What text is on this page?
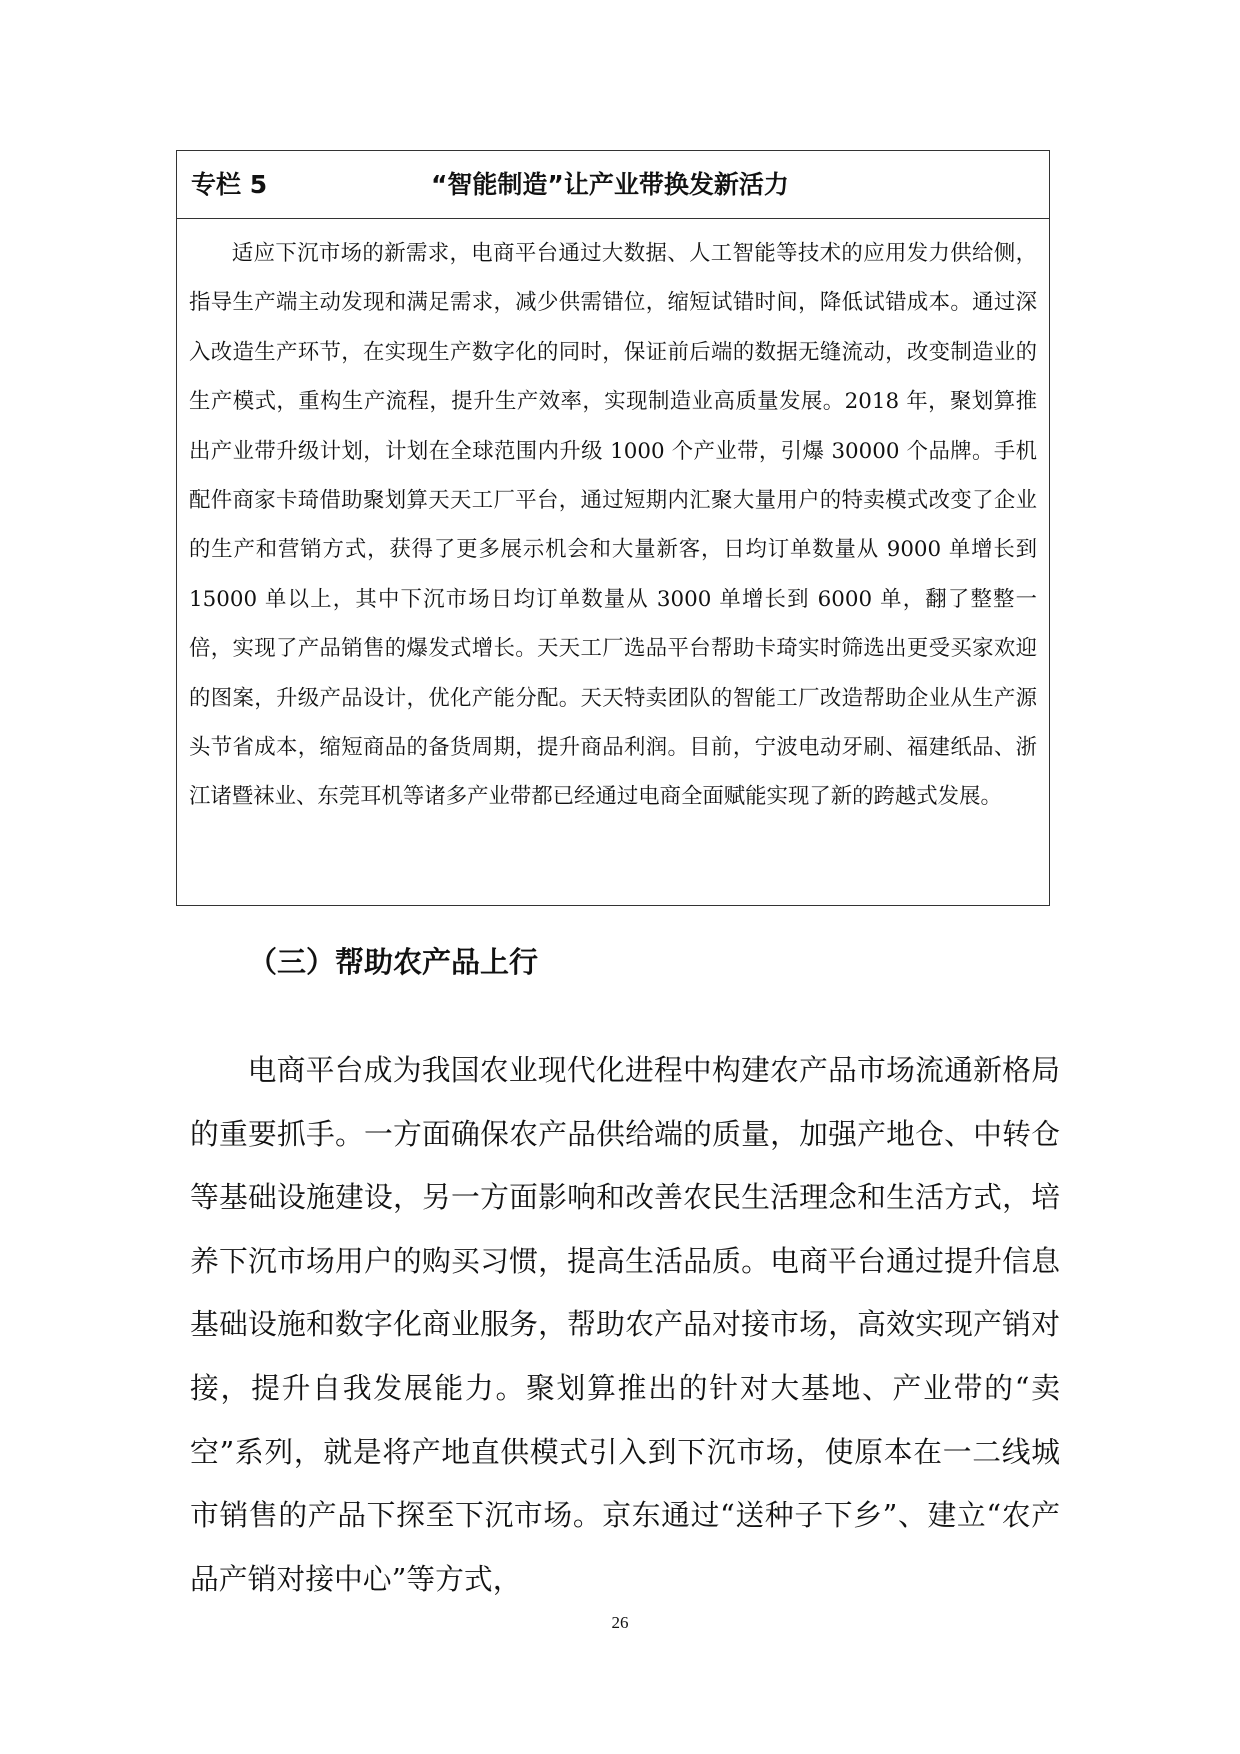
专栏 5	“智能制造”让产业带换发新活力

适应下沉市场的新需求，电商平台通过大数据、人工智能等技术的应用发力供给侧，指导生产端主动发现和满足需求，减少供需错位，缩短试错时间，降低试错成本。通过深入改造生产环节，在实现生产数字化的同时，保证前后端的数据无缝流动，改变制造业的生产模式，重构生产流程，提升生产效率，实现制造业高质量发展。2018 年，聚划算推出产业带升级计划，计划在全球范围内升级 1000 个产业带，引爆 30000 个品牌。手机配件商家卡琦借助聚划算天天工厂平台，通过短期内汇聚大量用户的特卖模式改变了企业的生产和营销方式，获得了更多展示机会和大量新客，日均订单数量从 9000 单增长到 15000 单以上，其中下沉市场日均订单数量从 3000 单增长到 6000 单，翻了整整一倍，实现了产品销售的爆发式增长。天天工厂选品平台帮助卡琦实时筛选出更受买家欢迎的图案，升级产品设计，优化产能分配。天天特卖团队的智能工厂改造帮助企业从生产源头节省成本，缩短商品的备货周期，提升商品利润。目前，宁波电动牙刷、福建纸品、浙江诸暨袜业、东莞耳机等诸多产业带都已经通过电商全面赋能实现了新的跨越式发展。

（三）帮助农产品上行

电商平台成为我国农业现代化进程中构建农产品市场流通新格局的重要抓手。一方面确保农产品供给端的质量，加强产地仓、中转仓等基础设施建设，另一方面影响和改善农民生活理念和生活方式，培养下沉市场用户的购买习惯，提高生活品质。电商平台通过提升信息基础设施和数字化商业服务，帮助农产品对接市场，高效实现产销对接，提升自我发展能力。聚划算推出的针对大基地、产业带的“卖空”系列，就是将产地直供模式引入到下沉市场，使原本在一二线城市销售的产品下探至下沉市场。京东通过“送种子下乡”、建立“农产品产销对接中心”等方式，

26
